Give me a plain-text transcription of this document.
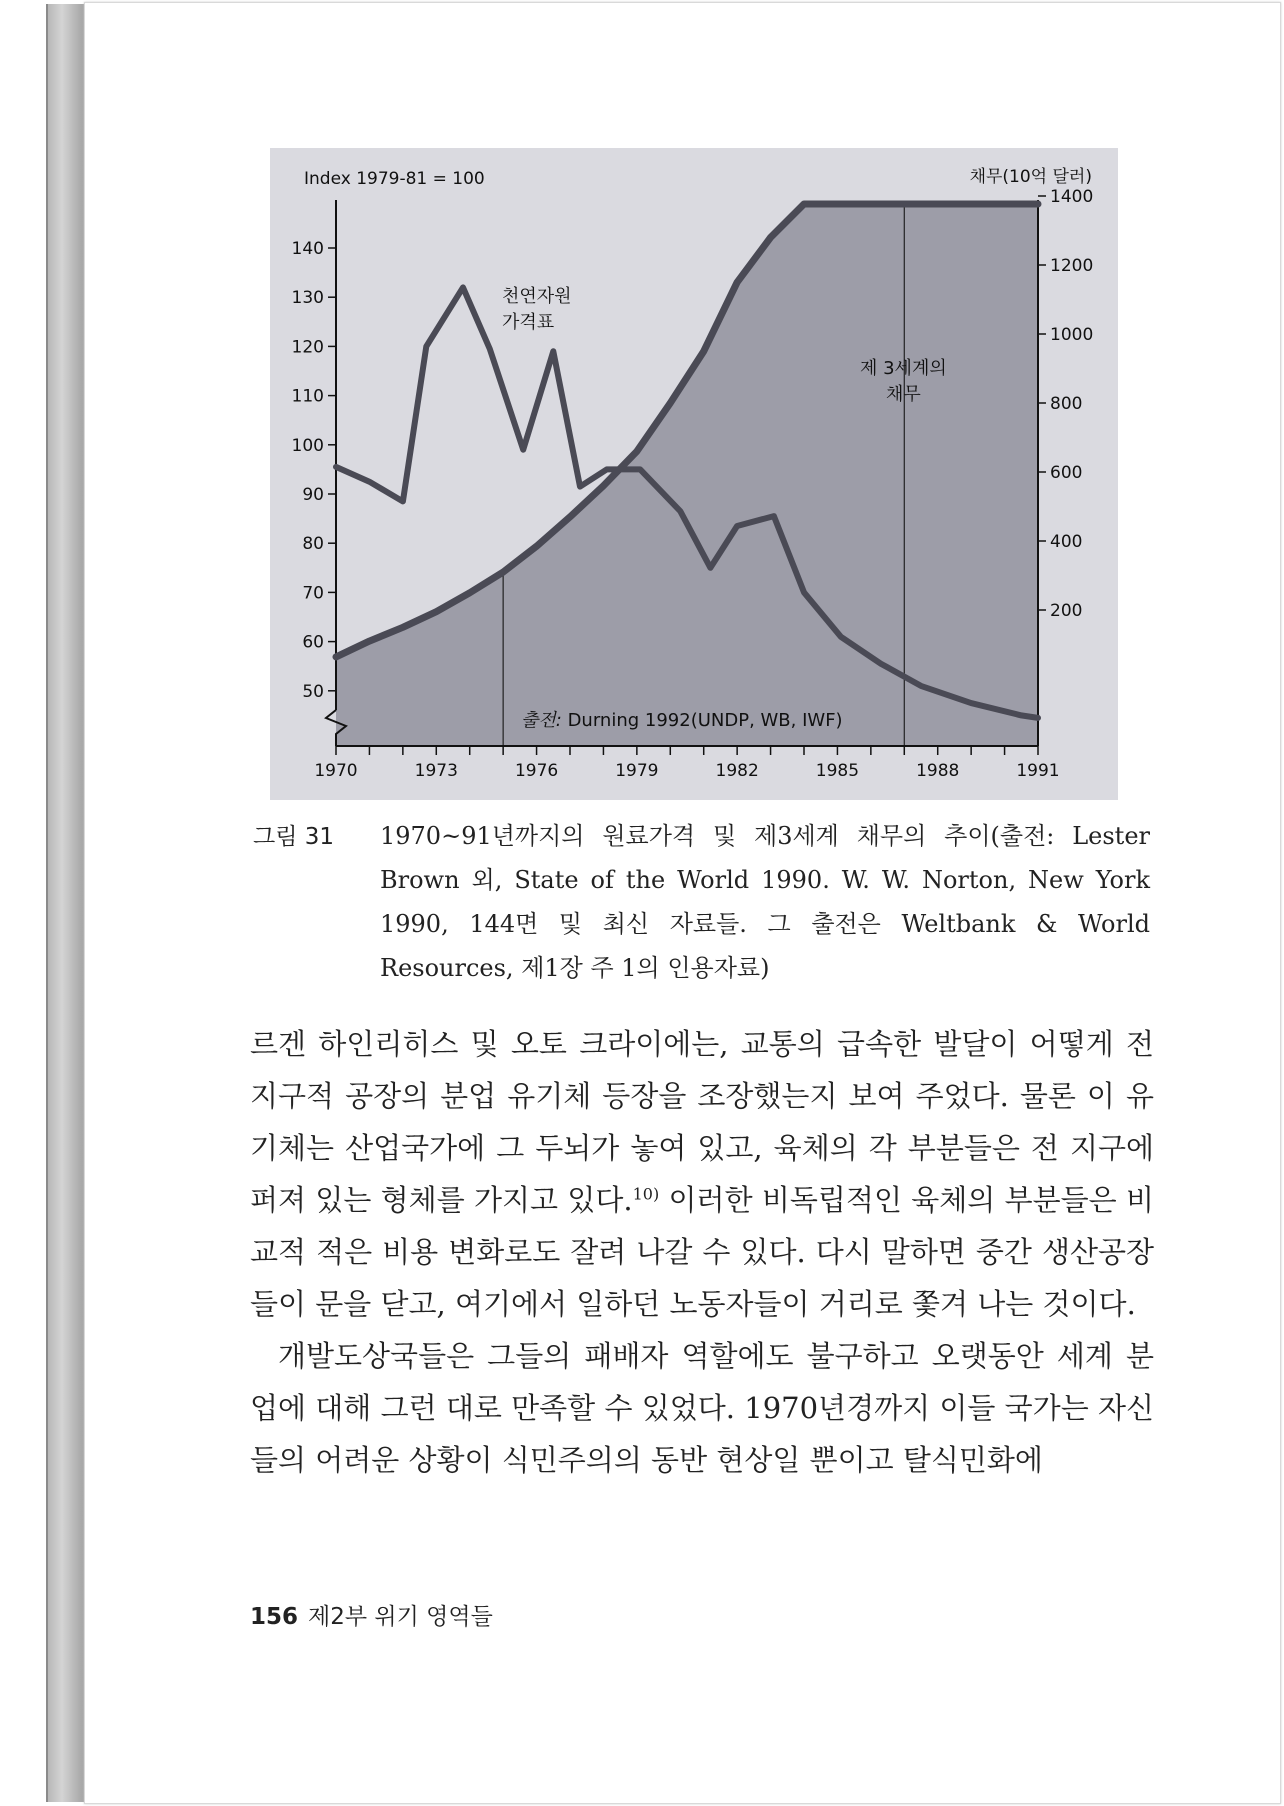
Index 1979-81 = 100	채무(10억 달러)
50
60
70
80
90
100
110
120
130
140
200
400
600
800
1000
1200
1400
1970	1973	1976	1979	1982	1985	1988	1991
천연자원
가격표
제 3세계의
채무
출전: Durning 1992(UNDP, WB, IWF)
그림 31 1970~91년까지의 원료가격 및 제3세계 채무의 추이(출전: Lester Brown 외, State of the World 1990. W. W. Norton, New York 1990, 144면 및 최신 자료들. 그 출전은 Weltbank & World Resources, 제1장 주 1의 인용자료)

르겐 하인리히스 및 오토 크라이에는, 교통의 급속한 발달이 어떻게 전지구적 공장의 분업 유기체 등장을 조장했는지 보여 주었다. 물론 이 유기체는 산업국가에 그 두뇌가 놓여 있고, 육체의 각 부분들은 전 지구에 퍼져 있는 형체를 가지고 있다.$^{10)}$ 이러한 비독립적인 육체의 부분들은 비교적 적은 비용 변화로도 잘려 나갈 수 있다. 다시 말하면 중간 생산공장들이 문을 닫고, 여기에서 일하던 노동자들이 거리로 쫓겨 나는 것이다.

개발도상국들은 그들의 패배자 역할에도 불구하고 오랫동안 세계 분업에 대해 그런 대로 만족할 수 있었다. 1970년경까지 이들 국가는 자신들의 어려운 상황이 식민주의의 동반 현상일 뿐이고 탈식민화에

156 제2부 위기 영역들
